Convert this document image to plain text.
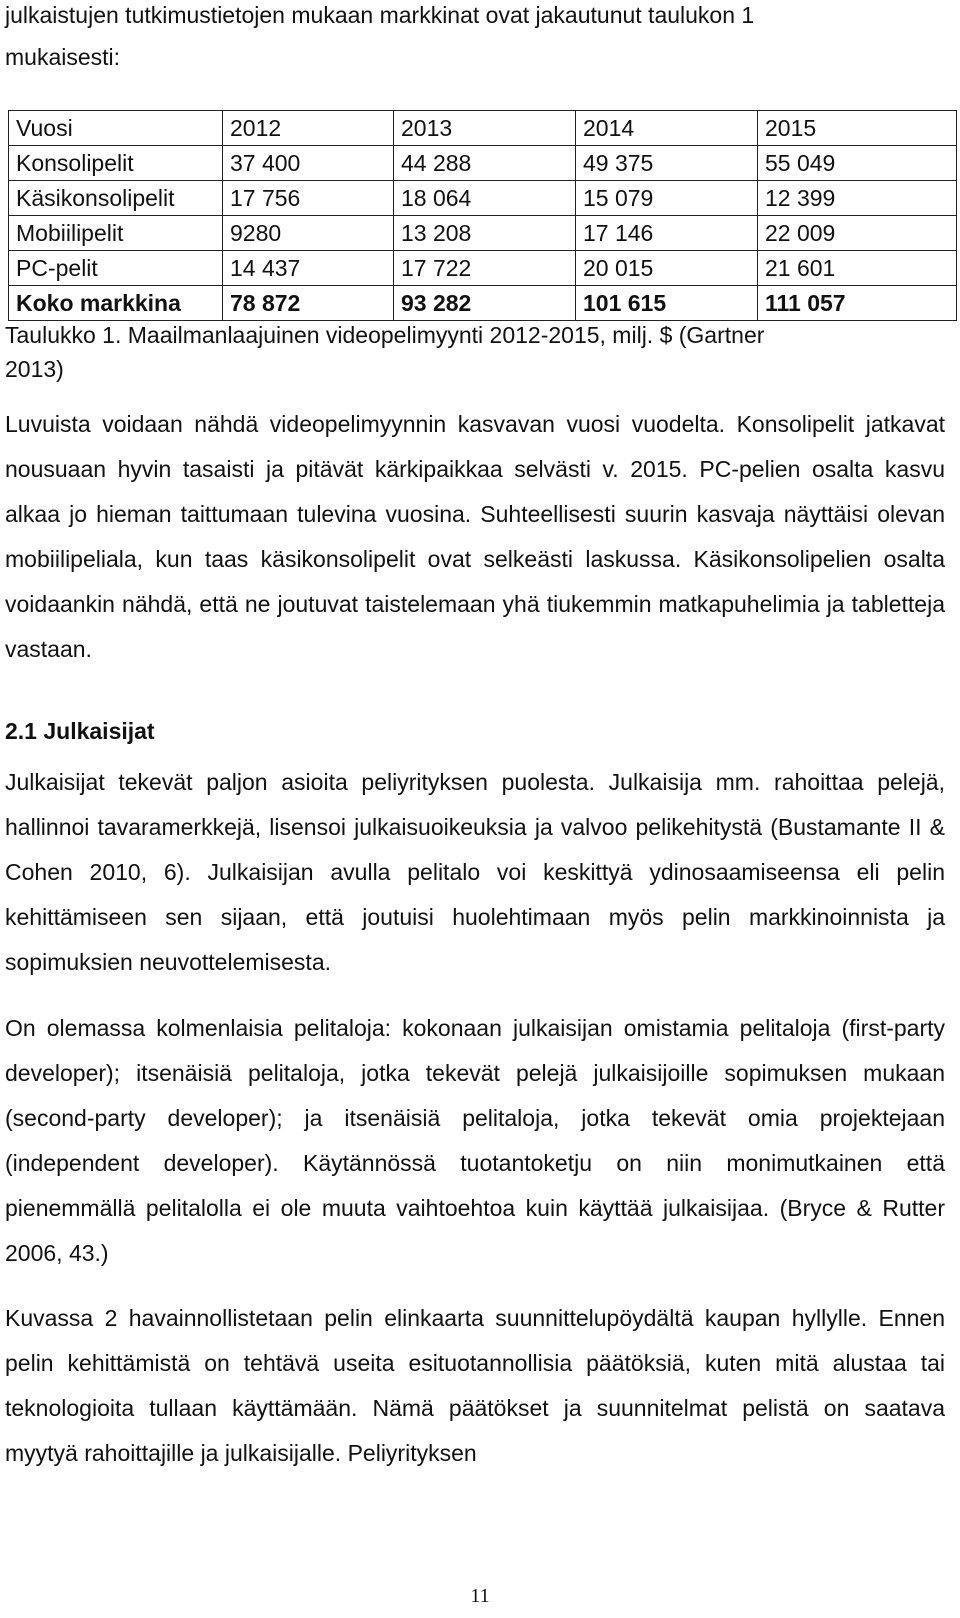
julkaistujen tutkimustietojen mukaan markkinat ovat jakautunut taulukon 1
mukaisesti:
Vuosi	2012	2013	2014	2015
Konsolipelit	37 400	44 288	49 375	55 049
Käsikonsolipelit	17 756	18 064	15 079	12 399
Mobiilipelit	9280	13 208	17 146	22 009
PC-pelit	14 437	17 722	20 015	21 601
Koko markkina	78 872	93 282	101 615	111 057
Taulukko 1. Maailmanlaajuinen videopelimyynti 2012-2015, milj. $ (Gartner
2013)
Luvuista voidaan nähdä videopelimyynnin kasvavan vuosi vuodelta. Konsolipelit jatkavat nousuaan hyvin tasaisti ja pitävät kärkipaikkaa selvästi v. 2015. PC-pelien osalta kasvu alkaa jo hieman taittumaan tulevina vuosina. Suhteellisesti suurin kasvaja näyttäisi olevan mobiilipeliala, kun taas käsikonsolipelit ovat selkeästi laskussa. Käsikonsolipelien osalta voidaankin nähdä, että ne joutuvat taistelemaan yhä tiukemmin matkapuhelimia ja tabletteja vastaan.
2.1 Julkaisijat
Julkaisijat tekevät paljon asioita peliyrityksen puolesta. Julkaisija mm. rahoittaa pelejä, hallinnoi tavaramerkkejä, lisensoi julkaisuoikeuksia ja valvoo pelikehitystä (Bustamante II & Cohen 2010, 6). Julkaisijan avulla pelitalo voi keskittyä ydinosaamiseensa eli pelin kehittämiseen sen sijaan, että joutuisi huolehtimaan myös pelin markkinoinnista ja sopimuksien neuvottelemisesta.
On olemassa kolmenlaisia pelitaloja: kokonaan julkaisijan omistamia pelitaloja (first-party developer); itsenäisiä pelitaloja, jotka tekevät pelejä julkaisijoille sopimuksen mukaan (second-party developer); ja itsenäisiä pelitaloja, jotka tekevät omia projektejaan (independent developer). Käytännössä tuotantoketju on niin monimutkainen että pienemmällä pelitalolla ei ole muuta vaihtoehtoa kuin käyttää julkaisijaa. (Bryce & Rutter 2006, 43.)
Kuvassa 2 havainnollistetaan pelin elinkaarta suunnittelupöydältä kaupan hyllylle. Ennen pelin kehittämistä on tehtävä useita esituotannollisia päätöksiä, kuten mitä alustaa tai teknologioita tullaan käyttämään. Nämä päätökset ja suunnitelmat pelistä on saatava myytyä rahoittajille ja julkaisijalle. Peliyrityksen
11
